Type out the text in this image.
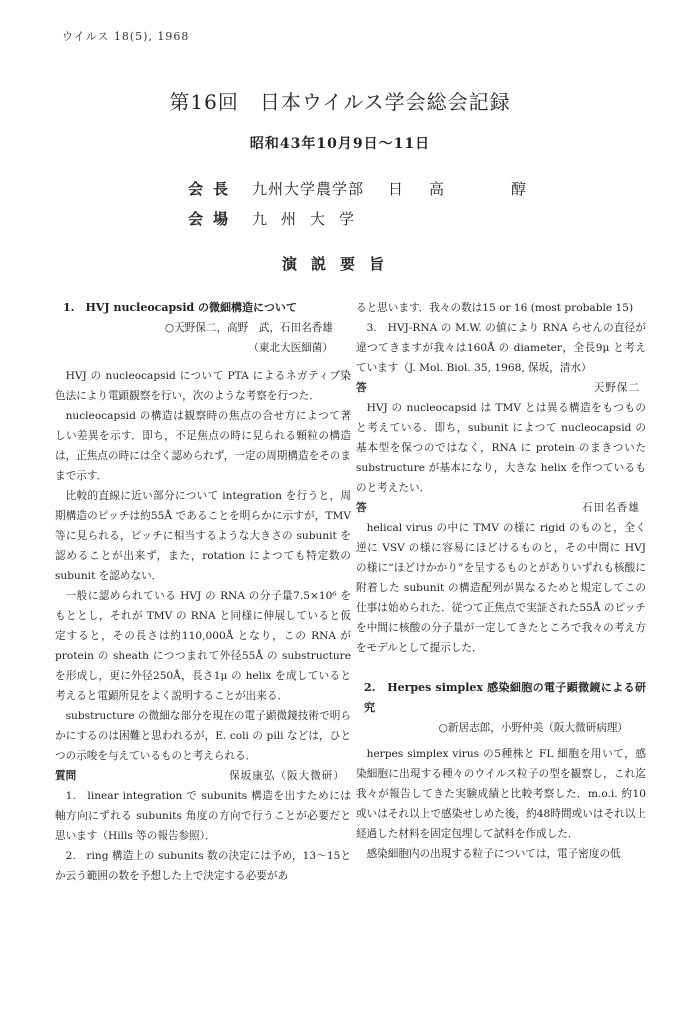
ウイルス 18(5), 1968
第16回　日本ウイルス学会総会記録
昭和43年10月9日〜11日
会長 九州大学農学部 日高　醇
会場 九州大学
演説要旨

1.　HVJ nucleocapsid の微細構造について

○天野保二，高野　武，石田名香雄

（東北大医細菌）

HVJ の nucleocapsid について PTA によるネガティブ染色法により電顕観察を行い，次のような考察を行つた．

nucleocapsid の構造は観察時の焦点の合せ方によつて著しい差異を示す．即ち，不足焦点の時に見られる顆粒の構造は，正焦点の時には全く認められず，一定の周期構造をそのままで示す．

比較的直線に近い部分について integration を行うと，周期構造のピッチは約55Å であることを明らかに示すが，TMV 等に見られる，ピッチに相当するような大きさの subunit を認めることが出来ず，また，rotation によつても特定数の subunit を認めない．

一般に認められている HVJ の RNA の分子量7.5×10⁶ をもととし，それが TMV の RNA と同様に伸展していると仮定すると，その長さは約110,000Å となり，この RNA が protein の sheath につつまれて外径55Å の substructure を形成し，更に外径250Å，長さ1μ の helix を成していると考えると電顕所見をよく説明することが出来る．

substructure の微細な部分を現在の電子顕微鏡技術で明らかにするのは困難と思われるが，E. coli の pili などは，ひとつの示唆を与えているものと考えられる．

質問	保坂康弘（阪大微研）

1.　linear integration で subunits 構造を出すためには軸方向にずれる subunits 角度の方向で行うことが必要だと思います（Hills 等の報告参照）．

2.　ring 構造上の subunits 数の決定には予め，13〜15とか云う範囲の数を予想した上で決定する必要があ

ると思います．我々の数は15 or 16 (most probable 15)

3.　HVJ-RNA の M.W. の値により RNA らせんの直径が違つてきますが我々は160Å の diameter，全長9μ と考えています（J. Mol. Biol. 35, 1968, 保坂，清水）

答	天野保二

HVJ の nucleocapsid は TMV とは異る構造をもつものと考えている．即ち，subunit によつて nucleocapsid の基本型を保つのではなく，RNA に protein のまきついた substructure が基本になり，大きな helix を作つているものと考えたい．

答	石田名香雄

helical virus の中に TMV の様に rigid のものと，全く逆に VSV の様に容易にほどけるものと，その中間に HVJ の様に“ほどけかかり”を呈するものとがありいずれも核酸に附着した subunit の構造配列が異なるためと規定してこの仕事は始められた．従つて正焦点で実証された55Å のピッチを中間に核酸の分子量が一定してきたところで我々の考え方をモデルとして提示した．

2.　Herpes simplex 感染細胞の電子顕微鏡による研究

○新居志郎，小野仲美（阪大微研病理）

herpes simplex virus の5種株と FL 細胞を用いて，感染細胞に出現する種々のウイルス粒子の型を観察し，これ迄我々が報告してきた実験成績と比較考察した．m.o.i. 約10或いはそれ以上で感染せしめた後，約48時間或いはそれ以上経過した材料を固定包埋して試料を作成した．

感染細胞内の出現する粒子については，電子密度の低
